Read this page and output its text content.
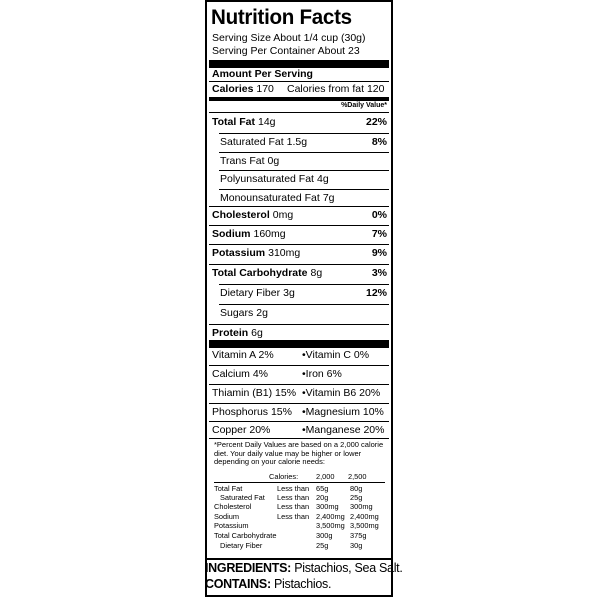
Nutrition Facts
Serving Size About 1/4 cup (30g)
Serving Per Container About 23
Amount Per Serving
Calories 170 Calories from fat 120
%Daily Value*
Total Fat 14g	22%
Saturated Fat 1.5g	8%
Trans Fat 0g
Polyunsaturated Fat 4g
Monounsaturated Fat 7g
Cholesterol 0mg	0%
Sodium 160mg	7%
Potassium 310mg	9%
Total Carbohydrate 8g	3%
Dietary Fiber 3g	12%
Sugars 2g
Protein 6g
Vitamin A 2%	•Vitamin C 0%
Calcium 4%	•Iron 6%
Thiamin (B1) 15% •Vitamin B6 20%
Phosphorus 15% •Magnesium 10%
Copper 20%	•Manganese 20%
*Percent Daily Values are based on a 2,000 calorie diet. Your daily value may be higher or lower depending on your calorie needs:
Calories: 2,000 2,500
Total Fat	Less than 65g	80g
Saturated Fat Less than 20g	25g
Cholesterol	Less than 300mg 300mg
Sodium	Less than 2,400mg 2,400mg
Potassium	3,500mg 3,500mg
Total Carbohydrate	300g 375g
Dietary Fiber	25g	30g
INGREDIENTS: Pistachios, Sea Salt.
CONTAINS: Pistachios.
